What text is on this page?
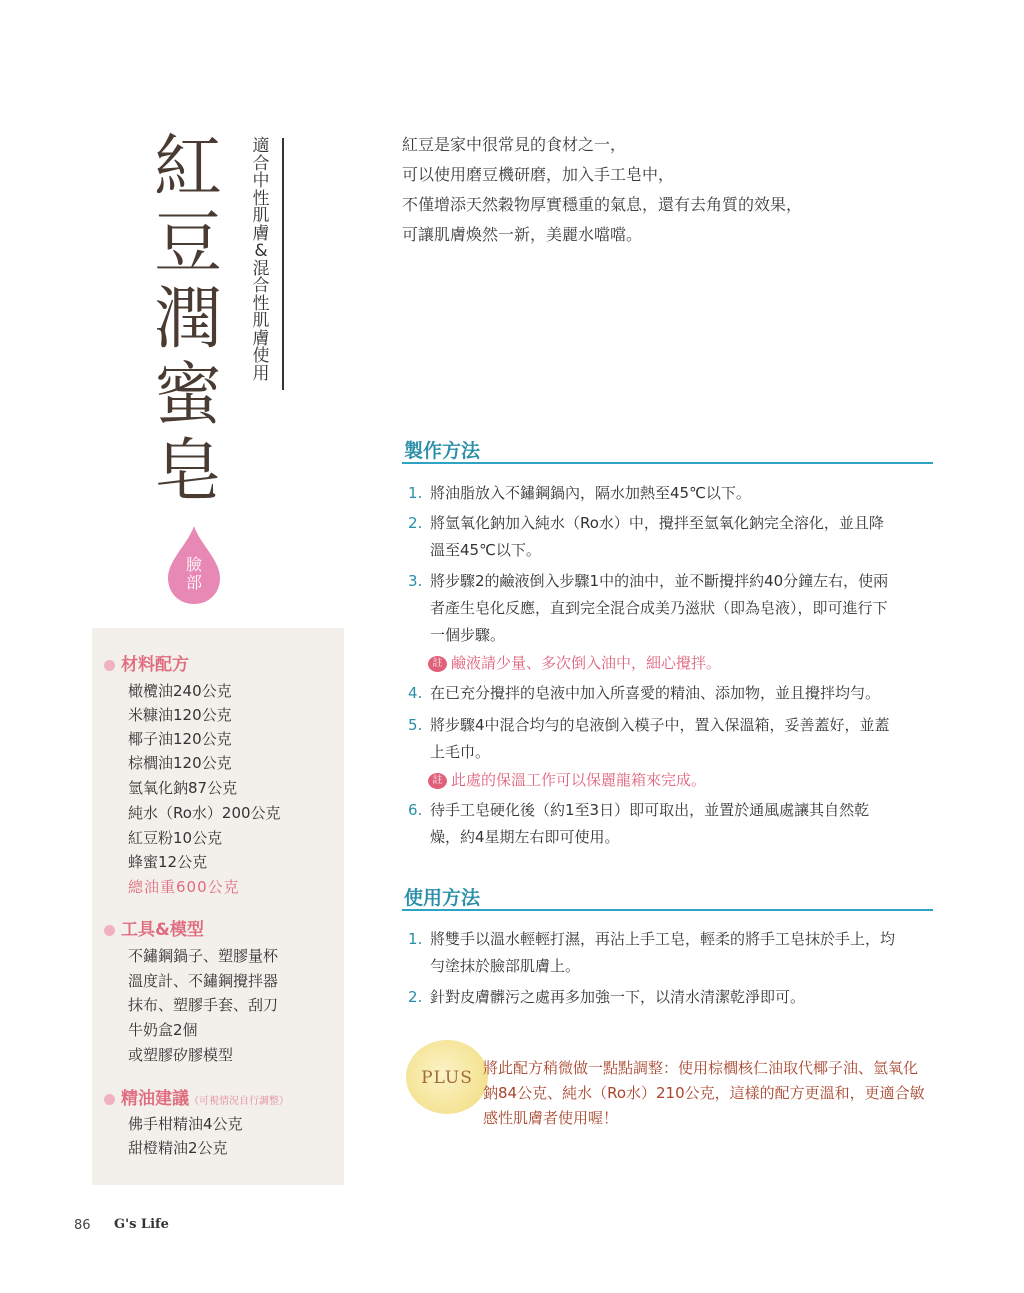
紅
豆
潤
蜜
皂
適
合
中
性
肌
膚
&
混
合
性
肌
膚
使
用
臉
部
紅豆是家中很常見的食材之一，
可以使用磨豆機研磨，加入手工皂中，
不僅增添天然穀物厚實穩重的氣息，還有去角質的效果，
可讓肌膚煥然一新，美麗水噹噹。
製作方法
1. 將油脂放入不鏽鋼鍋內，隔水加熱至45℃以下。
2. 將氫氧化鈉加入純水（Ro水）中，攪拌至氫氧化鈉完全溶化，並且降
溫至45℃以下。
3. 將步驟2的鹼液倒入步驟1中的油中，並不斷攪拌約40分鐘左右，使兩
者產生皂化反應，直到完全混合成美乃滋狀（即為皂液），即可進行下
一個步驟。
註 鹼液請少量、多次倒入油中，細心攪拌。
4. 在已充分攪拌的皂液中加入所喜愛的精油、添加物，並且攪拌均勻。
5. 將步驟4中混合均勻的皂液倒入模子中，置入保溫箱，妥善蓋好，並蓋
上毛巾。
註 此處的保溫工作可以保麗龍箱來完成。
6. 待手工皂硬化後（約1至3日）即可取出，並置於通風處讓其自然乾
燥，約4星期左右即可使用。
使用方法
1. 將雙手以溫水輕輕打濕，再沾上手工皂，輕柔的將手工皂抹於手上，均
勻塗抹於臉部肌膚上。
2. 針對皮膚髒污之處再多加強一下，以清水清潔乾淨即可。
PLUS 將此配方稍微做一點點調整：使用棕櫚核仁油取代椰子油、氫氧化
鈉84公克、純水（Ro水）210公克，這樣的配方更溫和，更適合敏
感性肌膚者使用喔！
材料配方
橄欖油240公克
米糠油120公克
椰子油120公克
棕櫚油120公克
氫氧化鈉87公克
純水（Ro水）200公克
紅豆粉10公克
蜂蜜12公克
總油重600公克
工具&模型
不鏽鋼鍋子、塑膠量杯
溫度計、不鏽鋼攪拌器
抹布、塑膠手套、刮刀
牛奶盒2個
或塑膠矽膠模型
精油建議（可視情況自行調整）
佛手柑精油4公克
甜橙精油2公克
86 G's Life
